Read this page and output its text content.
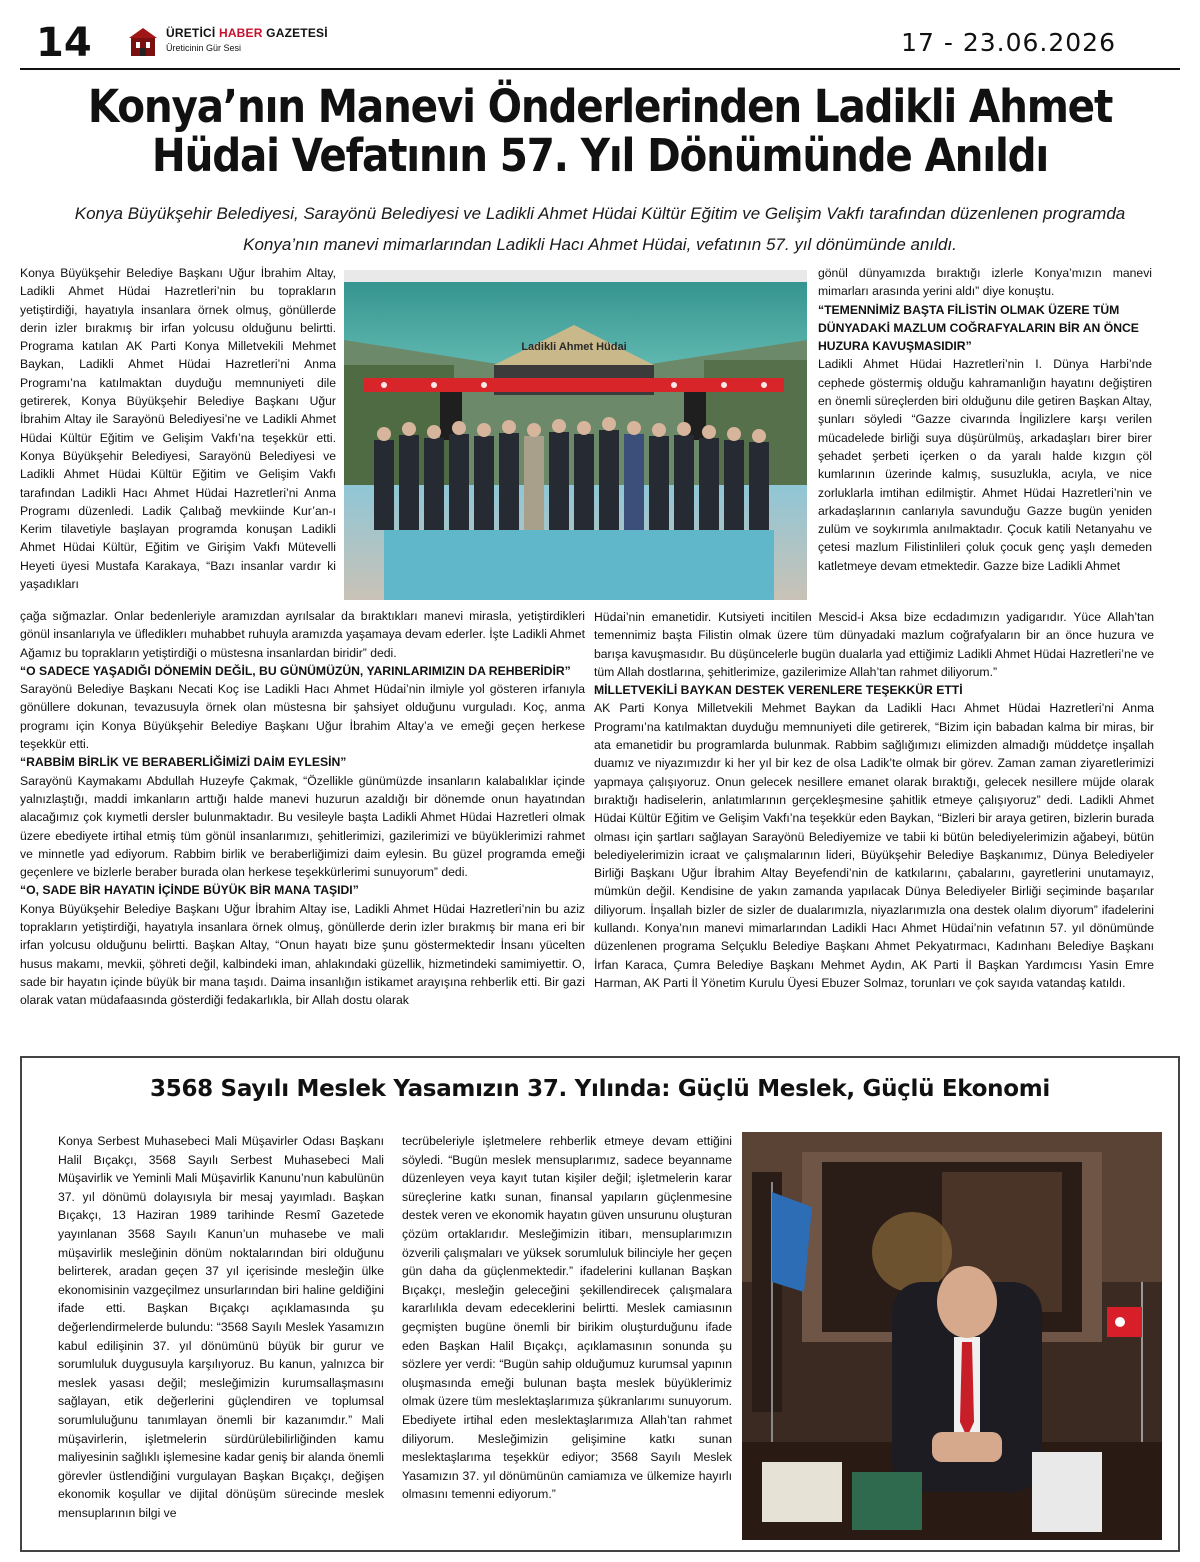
14	ÜRETİCİ HABER GAZETESİ
Üreticinin Gür Sesi	17 - 23.06.2026
Konya’nın Manevi Önderlerinden Ladikli Ahmet
Hüdai Vefatının 57. Yıl Dönümünde Anıldı
Konya Büyükşehir Belediyesi, Sarayönü Belediyesi ve Ladikli Ahmet Hüdai Kültür Eğitim ve Gelişim Vakfı tarafından düzenlenen programda
Konya’nın manevi mimarlarından Ladikli Hacı Ahmet Hüdai, vefatının 57. yıl dönümünde anıldı.

Konya Büyükşehir Belediye Başkanı Uğur İbrahim Altay, Ladikli Ahmet Hüdai Hazretleri’nin bu toprakların yetiştirdiği, hayatıyla insanlara örnek olmuş, gönüllerde derin izler bırakmış bir irfan yolcusu olduğunu belirtti. Programa katılan AK Parti Konya Milletvekili Mehmet Baykan, Ladikli Ahmet Hüdai Hazretleri’ni Anma Programı’na katılmaktan duyduğu memnuniyeti dile getirerek, Konya Büyükşehir Belediye Başkanı Uğur İbrahim Altay ile Sarayönü Belediyesi’ne ve Ladikli Ahmet Hüdai Kültür Eğitim ve Gelişim Vakfı’na teşekkür etti. Konya Büyükşehir Belediyesi, Sarayönü Belediyesi ve Ladikli Ahmet Hüdai Kültür Eğitim ve Gelişim Vakfı tarafından Ladikli Hacı Ahmet Hüdai Hazretleri’ni Anma Programı düzenledi. Ladik Çalıbağ mevkiinde Kur’an-ı Kerim tilavetiyle başlayan programda konuşan Ladikli Ahmet Hüdai Kültür, Eğitim ve Girişim Vakfı Mütevelli Heyeti üyesi Mustafa Karakaya, “Bazı insanlar vardır ki yaşadıkları

Ladikli Ahmet Hüdai

gönül dünyamızda bıraktığı izlerle Konya’mızın manevi mimarları arasında yerini aldı” diye konuştu.

“TEMENNİMİZ BAŞTA FİLİSTİN OLMAK ÜZERE TÜM DÜNYADAKİ MAZLUM COĞRAFYALARIN BİR AN ÖNCE HUZURA KAVUŞMASIDIR”

Ladikli Ahmet Hüdai Hazretleri’nin I. Dünya Harbi’nde cephede göstermiş olduğu kahramanlığın hayatını değiştiren en önemli süreçlerden biri olduğunu dile getiren Başkan Altay, şunları söyledi “Gazze civarında İngilizlere karşı verilen mücadelede birliği suya düşürülmüş, arkadaşları birer birer şehadet şerbeti içerken o da yaralı halde kızgın çöl kumlarının üzerinde kalmış, susuzlukla, acıyla, ve nice zorluklarla imtihan edilmiştir. Ahmet Hüdai Hazretleri’nin ve arkadaşlarının canlarıyla savunduğu Gazze bugün yeniden zulüm ve soykırımla anılmaktadır. Çocuk katili Netanyahu ve çetesi mazlum Filistinlileri çoluk çocuk genç yaşlı demeden katletmeye devam etmektedir. Gazze bize Ladikli Ahmet

çağa sığmazlar. Onlar bedenleriyle aramızdan ayrılsalar da bıraktıkları manevi mirasla, yetiştirdikleri gönül insanlarıyla ve üflediklerı muhabbet ruhuyla aramızda yaşamaya devam ederler. İşte Ladikli Ahmet Ağamız bu toprakların yetiştirdiği o müstesna insanlardan biridir” dedi.

“O SADECE YAŞADIĞI DÖNEMİN DEĞİL, BU GÜNÜMÜZÜN, YARINLARIMIZIN DA REHBERİDİR”

Sarayönü Belediye Başkanı Necati Koç ise Ladikli Hacı Ahmet Hüdai’nin ilmiyle yol gösteren irfanıyla gönüllere dokunan, tevazusuyla örnek olan müstesna bir şahsiyet olduğunu vurguladı. Koç, anma programı için Konya Büyükşehir Belediye Başkanı Uğur İbrahim Altay’a ve emeği geçen herkese teşekkür etti.

“RABBİM BİRLİK VE BERABERLİĞİMİZİ DAİM EYLESİN”

Sarayönü Kaymakamı Abdullah Huzeyfe Çakmak, “Özellikle günümüzde insanların kalabalıklar içinde yalnızlaştığı, maddi imkanların arttığı halde manevi huzurun azaldığı bir dönemde onun hayatından alacağımız çok kıymetli dersler bulunmaktadır. Bu vesileyle başta Ladikli Ahmet Hüdai Hazretleri olmak üzere ebediyete irtihal etmiş tüm gönül insanlarımızı, şehitlerimizi, gazilerimizi ve büyüklerimizi rahmet ve minnetle yad ediyorum. Rabbim birlik ve beraberliğimizi daim eylesin. Bu güzel programda emeği geçenlere ve bizlerle beraber burada olan herkese teşekkürlerimi sunuyorum” dedi.

“O, SADE BİR HAYATIN İÇİNDE BÜYÜK BİR MANA TAŞIDI”

Konya Büyükşehir Belediye Başkanı Uğur İbrahim Altay ise, Ladikli Ahmet Hüdai Hazretleri’nin bu aziz toprakların yetiştirdiği, hayatıyla insanlara örnek olmuş, gönüllerde derin izler bırakmış bir mana eri bir irfan yolcusu olduğunu belirtti. Başkan Altay, “Onun hayatı bize şunu göstermektedir İnsanı yücelten husus makamı, mevkii, şöhreti değil, kalbindeki iman, ahlakındaki güzellik, hizmetindeki samimiyettir. O, sade bir hayatın içinde büyük bir mana taşıdı. Daima insanlığın istikamet arayışına rehberlik etti. Bir gazi olarak vatan müdafaasında gösterdiği fedakarlıkla, bir Allah dostu olarak

Hüdai’nin emanetidir. Kutsiyeti incitilen Mescid-i Aksa bize ecdadımızın yadigarıdır. Yüce Allah’tan temennimiz başta Filistin olmak üzere tüm dünyadaki mazlum coğrafyaların bir an önce huzura ve barışa kavuşmasıdır. Bu düşüncelerle bugün dualarla yad ettiğimiz Ladikli Ahmet Hüdai Hazretleri’ne ve tüm Allah dostlarına, şehitlerimize, gazilerimize Allah’tan rahmet diliyorum.”

MİLLETVEKİLİ BAYKAN DESTEK VERENLERE TEŞEKKÜR ETTİ

AK Parti Konya Milletvekili Mehmet Baykan da Ladikli Hacı Ahmet Hüdai Hazretleri’ni Anma Programı’na katılmaktan duyduğu memnuniyeti dile getirerek, “Bizim için babadan kalma bir miras, bir ata emanetidir bu programlarda bulunmak. Rabbim sağlığımızı elimizden almadığı müddetçe inşallah duamız ve niyazımızdır ki her yıl bir kez de olsa Ladik’te olmak bir görev. Zaman zaman ziyaretlerimizi yapmaya çalışıyoruz. Onun gelecek nesillere emanet olarak bıraktığı, gelecek nesillere müjde olarak bıraktığı hadiselerin, anlatımlarının gerçekleşmesine şahitlik etmeye çalışıyoruz” dedi. Ladikli Ahmet Hüdai Kültür Eğitim ve Gelişim Vakfı’na teşekkür eden Baykan, “Bizleri bir araya getiren, bizlerin burada olması için şartları sağlayan Sarayönü Belediyemize ve tabii ki bütün belediyelerimizin ağabeyi, bütün belediyelerimizin icraat ve çalışmalarının lideri, Büyükşehir Belediye Başkanımız, Dünya Belediyeler Birliği Başkanı Uğur İbrahim Altay Beyefendi’nin de katkılarını, çabalarını, gayretlerini unutamayız, mümkün değil. Kendisine de yakın zamanda yapılacak Dünya Belediyeler Birliği seçiminde başarılar diliyorum. İnşallah bizler de sizler de dualarımızla, niyazlarımızla ona destek olalım diyorum” ifadelerini kullandı. Konya’nın manevi mimarlarından Ladikli Hacı Ahmet Hüdai’nin vefatının 57. yıl dönümünde düzenlenen programa Selçuklu Belediye Başkanı Ahmet Pekyatırmacı, Kadınhanı Belediye Başkanı İrfan Karaca, Çumra Belediye Başkanı Mehmet Aydın, AK Parti İl Başkan Yardımcısı Yasin Emre Harman, AK Parti İl Yönetim Kurulu Üyesi Ebuzer Solmaz, torunları ve çok sayıda vatandaş katıldı.

3568 Sayılı Meslek Yasamızın 37. Yılında: Güçlü Meslek, Güçlü Ekonomi

Konya Serbest Muhasebeci Mali Müşavirler Odası Başkanı Halil Bıçakçı, 3568 Sayılı Serbest Muhasebeci Mali Müşavirlik ve Yeminli Mali Müşavirlik Kanunu’nun kabulünün 37. yıl dönümü dolayısıyla bir mesaj yayımladı. Başkan Bıçakçı, 13 Haziran 1989 tarihinde Resmî Gazetede yayınlanan 3568 Sayılı Kanun’un muhasebe ve mali müşavirlik mesleğinin dönüm noktalarından biri olduğunu belirterek, aradan geçen 37 yıl içerisinde mesleğin ülke ekonomisinin vazgeçilmez unsurlarından biri haline geldiğini ifade etti. Başkan Bıçakçı açıklamasında şu değerlendirmelerde bulundu: “3568 Sayılı Meslek Yasamızın kabul edilişinin 37. yıl dönümünü büyük bir gurur ve sorumluluk duygusuyla karşılıyoruz. Bu kanun, yalnızca bir meslek yasası değil; mesleğimizin kurumsallaşmasını sağlayan, etik değerlerini güçlendiren ve toplumsal sorumluluğunu tanımlayan önemli bir kazanımdır.” Mali müşavirlerin, işletmelerin sürdürülebilirliğinden kamu maliyesinin sağlıklı işlemesine kadar geniş bir alanda önemli görevler üstlendiğini vurgulayan Başkan Bıçakçı, değişen ekonomik koşullar ve dijital dönüşüm sürecinde meslek mensuplarının bilgi ve

tecrübeleriyle işletmelere rehberlik etmeye devam ettiğini söyledi. “Bugün meslek mensuplarımız, sadece beyanname düzenleyen veya kayıt tutan kişiler değil; işletmelerin karar süreçlerine katkı sunan, finansal yapıların güçlenmesine destek veren ve ekonomik hayatın güven unsurunu oluşturan çözüm ortaklarıdır. Mesleğimizin itibarı, mensuplarımızın özverili çalışmaları ve yüksek sorumluluk bilinciyle her geçen gün daha da güçlenmektedir.” ifadelerini kullanan Başkan Bıçakçı, mesleğin geleceğini şekillendirecek çalışmalara kararlılıkla devam edeceklerini belirtti. Meslek camiasının geçmişten bugüne önemli bir birikim oluşturduğunu ifade eden Başkan Halil Bıçakçı, açıklamasının sonunda şu sözlere yer verdi: “Bugün sahip olduğumuz kurumsal yapının oluşmasında emeği bulunan başta meslek büyüklerimiz olmak üzere tüm meslektaşlarımıza şükranlarımı sunuyorum. Ebediyete irtihal eden meslektaşlarımıza Allah’tan rahmet diliyorum. Mesleğimizin gelişimine katkı sunan meslektaşlarıma teşekkür ediyor; 3568 Sayılı Meslek Yasamızın 37. yıl dönümünün camiamıza ve ülkemize hayırlı olmasını temenni ediyorum.”
